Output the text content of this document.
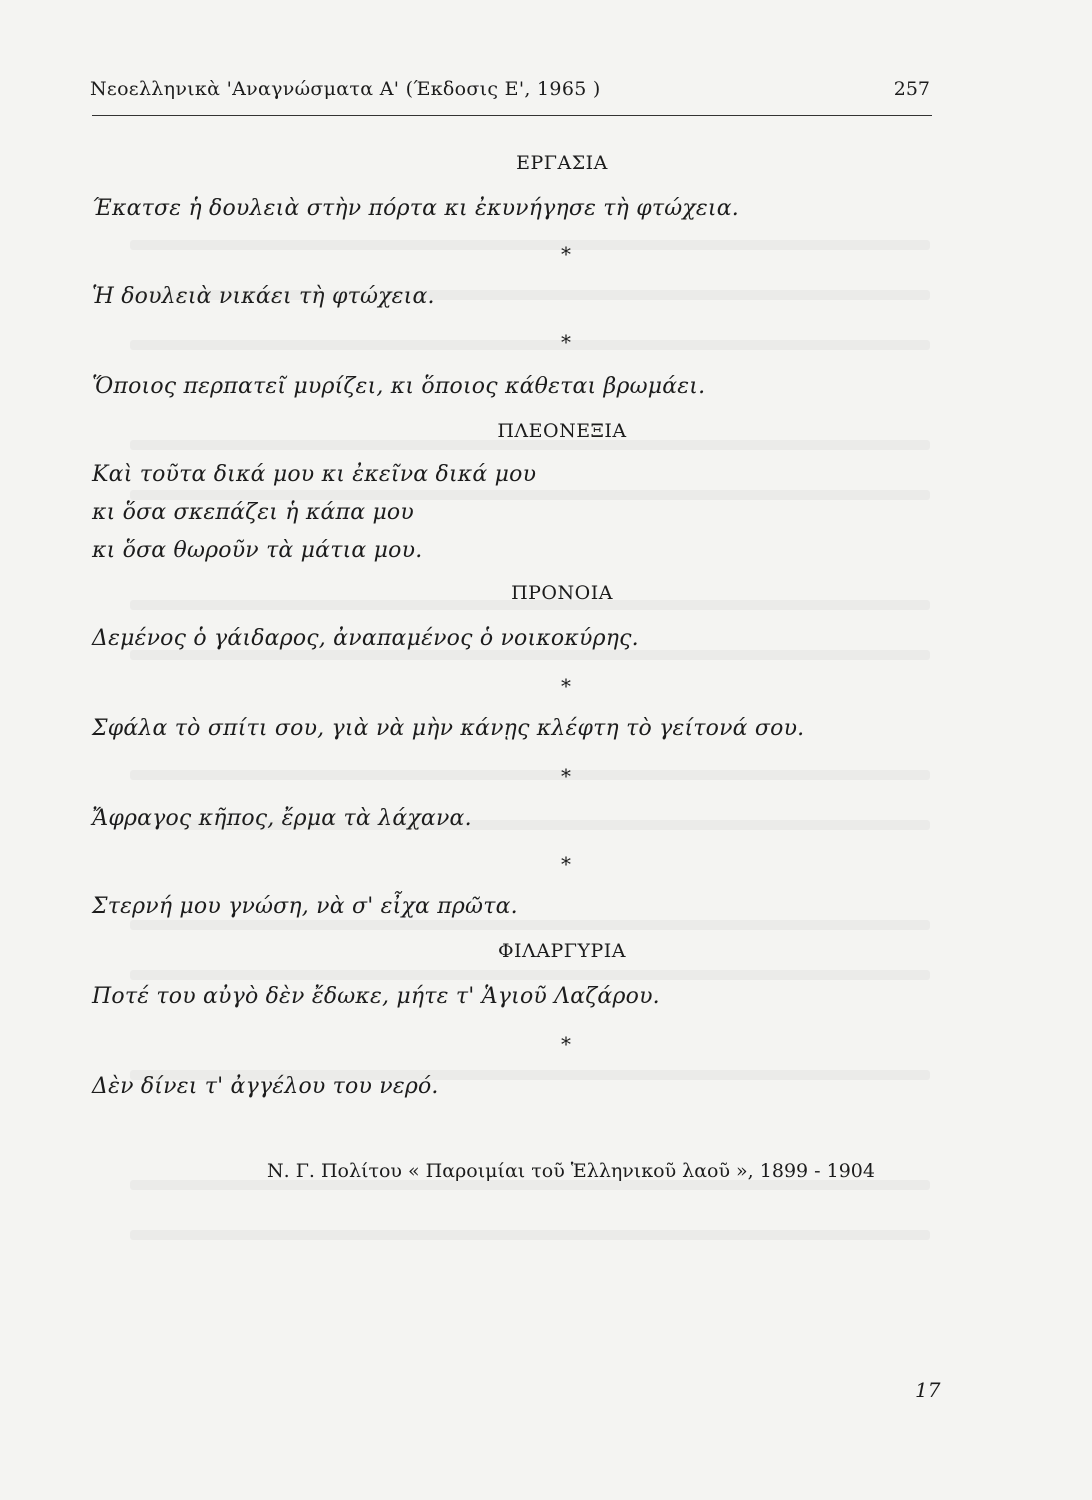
Νεοελληνικὰ 'Αναγνώσματα Α' (Έκδοσις Ε', 1965 )	257
ΕΡΓΑΣΙΑ
Έκατσε ἡ δουλειὰ στὴν πόρτα κι ἐκυνήγησε τὴ φτώχεια.
*
Ἡ δουλειὰ νικάει τὴ φτώχεια.
*
Ὅποιος περπατεῖ μυρίζει, κι ὅποιος κάθεται βρωμάει.
ΠΛΕΟΝΕΞΙΑ
Καὶ τοῦτα δικά μου κι ἐκεῖνα δικά μου
κι ὅσα σκεπάζει ἡ κάπα μου
κι ὅσα θωροῦν τὰ μάτια μου.
ΠΡΟΝΟΙΑ
Δεμένος ὁ γάιδαρος, ἀναπαμένος ὁ νοικοκύρης.
*
Σφάλα τὸ σπίτι σου, γιὰ νὰ μὴν κάνῃς κλέφτη τὸ γείτονά σου.
*
Ἄφραγος κῆπος, ἔρμα τὰ λάχανα.
*
Στερνή μου γνώση, νὰ σ' εἶχα πρῶτα.
ΦΙΛΑΡΓΥΡΙΑ
Ποτέ του αὐγὸ δὲν ἔδωκε, μήτε τ' Ἁγιοῦ Λαζάρου.
*
Δὲν δίνει τ' ἀγγέλου του νερό.
Ν. Γ. Πολίτου « Παροιμίαι τοῦ Ἑλληνικοῦ λαοῦ », 1899 - 1904
17
